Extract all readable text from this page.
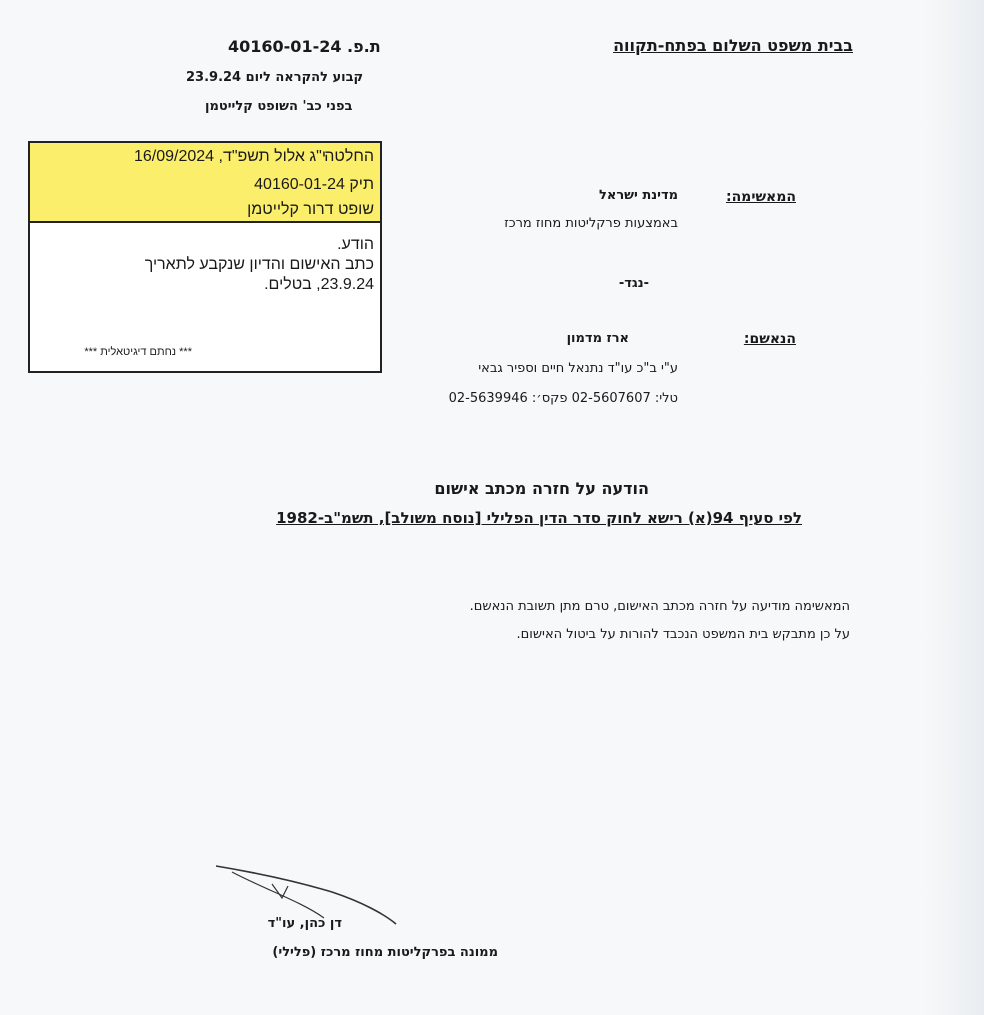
בבית משפט השלום בפתח-תקווה
ת.פ. 40160-01-24
קבוע להקראה ליום 23.9.24
בפני כב' השופט קלייטמן
החלטה
י"ג אלול תשפ"ד, 16/09/2024
תיק 40160-01-24
שופט דרור קלייטמן
הודע.
כתב האישום והדיון שנקבע לתאריך
23.9.24, בטלים.
*** נחתם דיגיטאלית ***
המאשימה:
מדינת ישראל
באמצעות פרקליטות מחוז מרכז
-נגד-
הנאשם:
ארז מדמון
ע"י ב"כ עו"ד נתנאל חיים וספיר גבאי
טלי: 02-5607607 פקס׳: 02-5639946
הודעה על חזרה מכתב אישום
לפי סעיף 94(א) רישא לחוק סדר הדין הפלילי [נוסח משולב], תשמ"ב-1982
המאשימה מודיעה על חזרה מכתב האישום, טרם מתן תשובת הנאשם.
על כן מתבקש בית המשפט הנכבד להורות על ביטול האישום.
דן כהן, עו"ד
ממונה בפרקליטות מחוז מרכז (פלילי)
